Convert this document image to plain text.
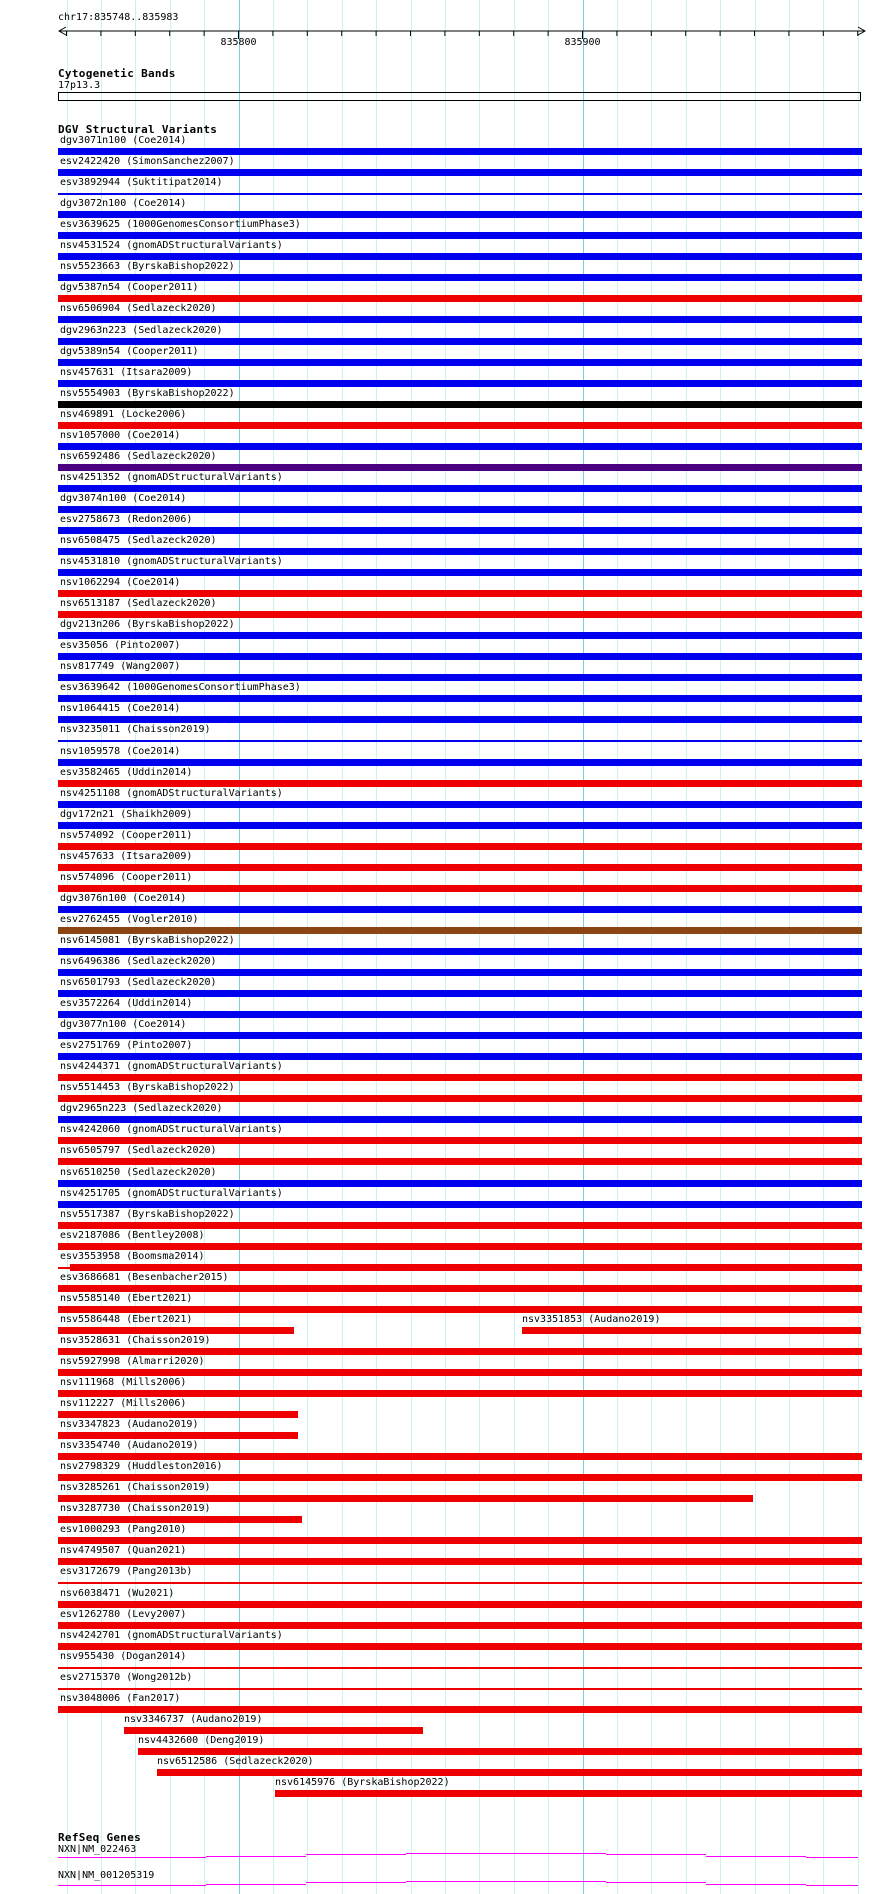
chr17:835748..835983
835800	835900
Cytogenetic Bands
17p13.3
DGV Structural Variants
dgv3071n100 (Coe2014)
esv2422420 (SimonSanchez2007)
esv3892944 (Suktitipat2014)
dgv3072n100 (Coe2014)
esv3639625 (1000GenomesConsortiumPhase3)
nsv4531524 (gnomADStructuralVariants)
nsv5523663 (ByrskaBishop2022)
dgv5387n54 (Cooper2011)
nsv6506904 (Sedlazeck2020)
dgv2963n223 (Sedlazeck2020)
dgv5389n54 (Cooper2011)
nsv457631 (Itsara2009)
nsv5554903 (ByrskaBishop2022)
nsv469891 (Locke2006)
nsv1057000 (Coe2014)
nsv6592486 (Sedlazeck2020)
nsv4251352 (gnomADStructuralVariants)
dgv3074n100 (Coe2014)
esv2758673 (Redon2006)
nsv6508475 (Sedlazeck2020)
nsv4531810 (gnomADStructuralVariants)
nsv1062294 (Coe2014)
nsv6513187 (Sedlazeck2020)
dgv213n206 (ByrskaBishop2022)
esv35056 (Pinto2007)
nsv817749 (Wang2007)
esv3639642 (1000GenomesConsortiumPhase3)
nsv1064415 (Coe2014)
nsv3235011 (Chaisson2019)
nsv1059578 (Coe2014)
esv3582465 (Uddin2014)
nsv4251108 (gnomADStructuralVariants)
dgv172n21 (Shaikh2009)
nsv574092 (Cooper2011)
nsv457633 (Itsara2009)
nsv574096 (Cooper2011)
dgv3076n100 (Coe2014)
esv2762455 (Vogler2010)
nsv6145081 (ByrskaBishop2022)
nsv6496386 (Sedlazeck2020)
nsv6501793 (Sedlazeck2020)
esv3572264 (Uddin2014)
dgv3077n100 (Coe2014)
esv2751769 (Pinto2007)
nsv4244371 (gnomADStructuralVariants)
nsv5514453 (ByrskaBishop2022)
dgv2965n223 (Sedlazeck2020)
nsv4242060 (gnomADStructuralVariants)
nsv6505797 (Sedlazeck2020)
nsv6510250 (Sedlazeck2020)
nsv4251705 (gnomADStructuralVariants)
nsv5517387 (ByrskaBishop2022)
esv2187086 (Bentley2008)
esv3553958 (Boomsma2014)
esv3686681 (Besenbacher2015)
nsv5585140 (Ebert2021)
nsv5586448 (Ebert2021)	nsv3351853 (Audano2019)
nsv3528631 (Chaisson2019)
nsv5927998 (Almarri2020)
nsv111968 (Mills2006)
nsv112227 (Mills2006)
nsv3347823 (Audano2019)
nsv3354740 (Audano2019)
nsv2798329 (Huddleston2016)
nsv3285261 (Chaisson2019)
nsv3287730 (Chaisson2019)
esv1000293 (Pang2010)
nsv4749507 (Quan2021)
esv3172679 (Pang2013b)
nsv6038471 (Wu2021)
esv1262780 (Levy2007)
nsv4242701 (gnomADStructuralVariants)
nsv955430 (Dogan2014)
esv2715370 (Wong2012b)
nsv3048006 (Fan2017)
nsv3346737 (Audano2019)
nsv4432600 (Deng2019)
nsv6512586 (Sedlazeck2020)
nsv6145976 (ByrskaBishop2022)
RefSeq Genes
NXN|NM_022463
NXN|NM_001205319
